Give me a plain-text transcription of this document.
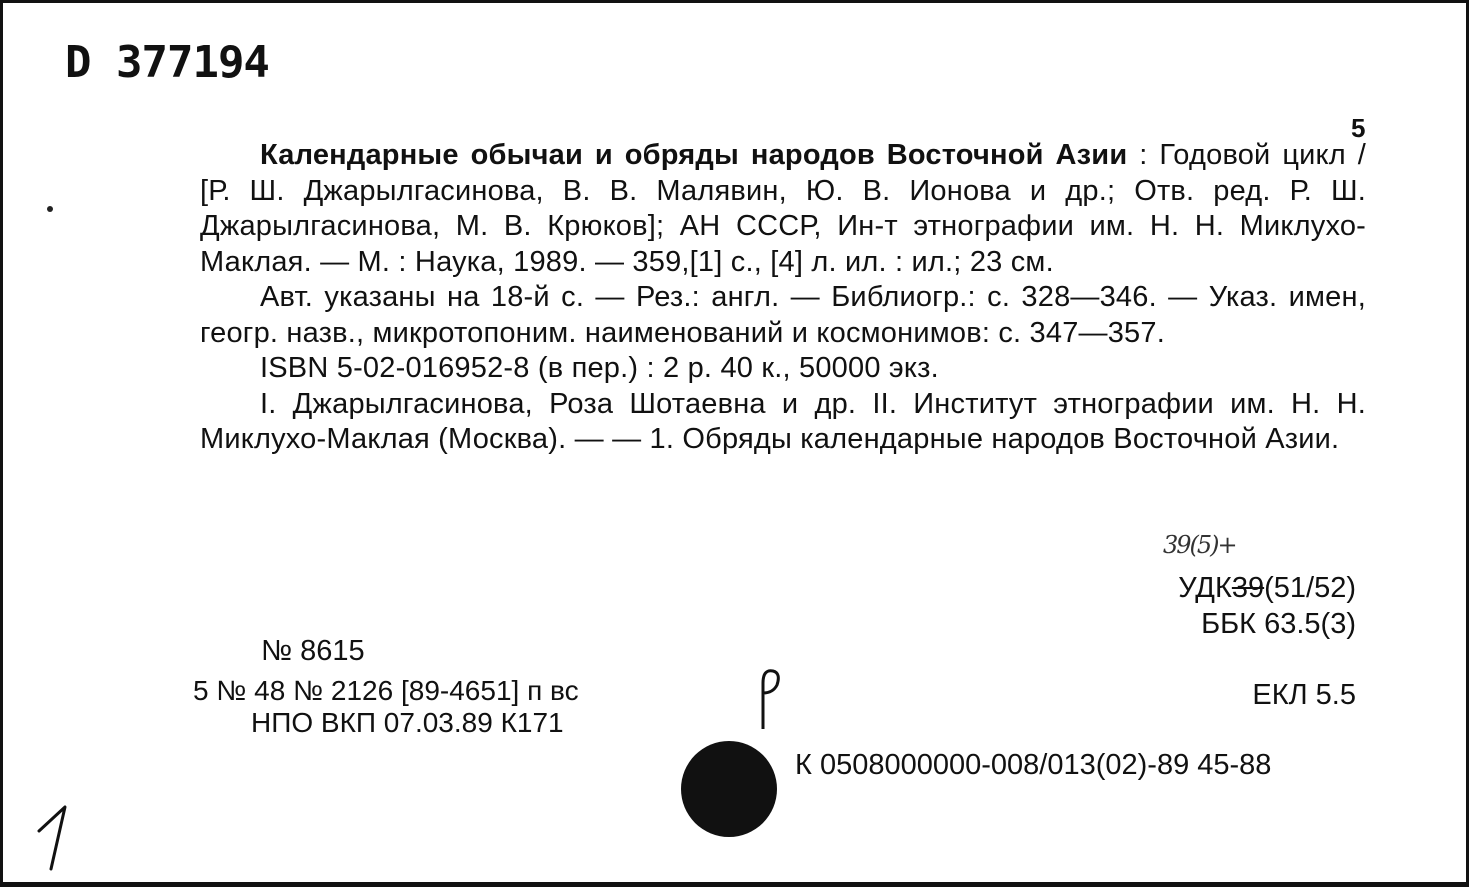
D 377194
5

Календарные обычаи и обряды народов Восточной Азии : Годовой цикл / [Р. Ш. Джарылгасинова, В. В. Малявин, Ю. В. Ионова и др.; Отв. ред. Р. Ш. Джарылгасинова, М. В. Крюков]; АН СССР, Ин-т этнографии им. Н. Н. Миклухо-Маклая. — М. : Наука, 1989. — 359,[1] с., [4] л. ил. : ил.; 23 см.

Авт. указаны на 18-й с. — Рез.: англ. — Библиогр.: с. 328—346. — Указ. имен, геогр. назв., микротопоним. наименований и космонимов: с. 347—357.

ISBN 5-02-016952-8 (в пер.) : 2 р. 40 к., 50000 экз.

I. Джарылгасинова, Роза Шотаевна и др. II. Институт этнографии им. Н. Н. Миклухо-Маклая (Москва). — — 1. Обряды календарные народов Восточной Азии.

39(5)+
УДК39(51/52)
ББК 63.5(3)
№ 8615
5 № 48 № 2126 [89-4651] п вс
НПО ВКП 07.03.89 К171
ЕКЛ 5.5
К 0508000000-008/013(02)-89 45-88
